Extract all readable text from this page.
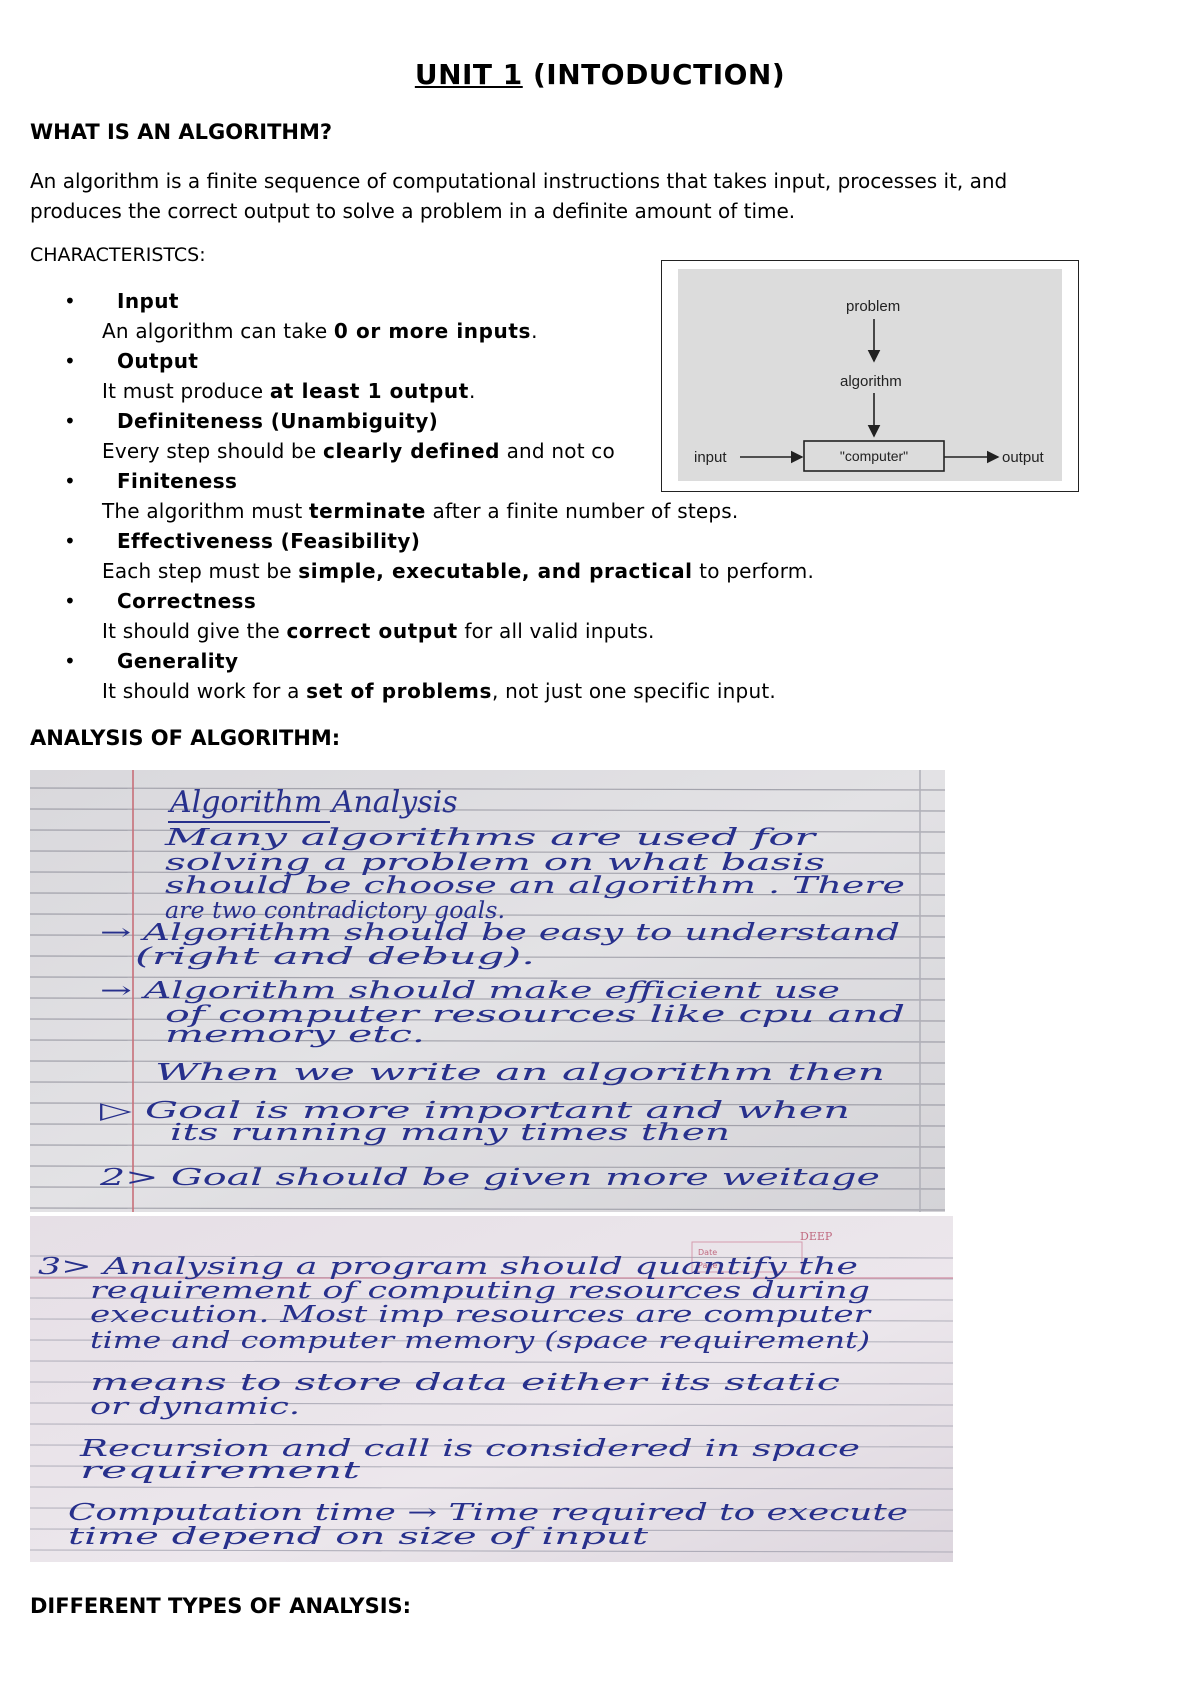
UNIT 1 (INTODUCTION)
WHAT IS AN ALGORITHM?
An algorithm is a finite sequence of computational instructions that takes input, processes it, and
produces the correct output to solve a problem in a definite amount of time.
CHARACTERISTCS:
• Input
An algorithm can take 0 or more inputs.
• Output
It must produce at least 1 output.
• Definiteness (Unambiguity)
Every step should be clearly defined and not co
• Finiteness
The algorithm must terminate after a finite number of steps.
• Effectiveness (Feasibility)
Each step must be simple, executable, and practical to perform.
• Correctness
It should give the correct output for all valid inputs.
• Generality
It should work for a set of problems, not just one specific input.
problem
algorithm
input	"computer"	output
ANALYSIS OF ALGORITHM:
Algorithm Analysis
Many algorithms are used for
solving a problem on what basis
should be choose an algorithm . There
are two contradictory goals.
→ Algorithm should be easy to understand
(right and debug).
→ Algorithm should make efficient use
of computer resources like cpu and
memory etc.
When we write an algorithm then
▷ Goal is more important and when
its running many times then
2> Goal should be given more weitage
DEEP
Date
Page
3> Analysing a program should quantify the
requirement of computing resources during
execution. Most imp resources are computer
time and computer memory (space requirement)
means to store data either its static
or dynamic.
Recursion and call is considered in space
requirement
Computation time → Time required to execute
time depend on size of input
DIFFERENT TYPES OF ANALYSIS:
